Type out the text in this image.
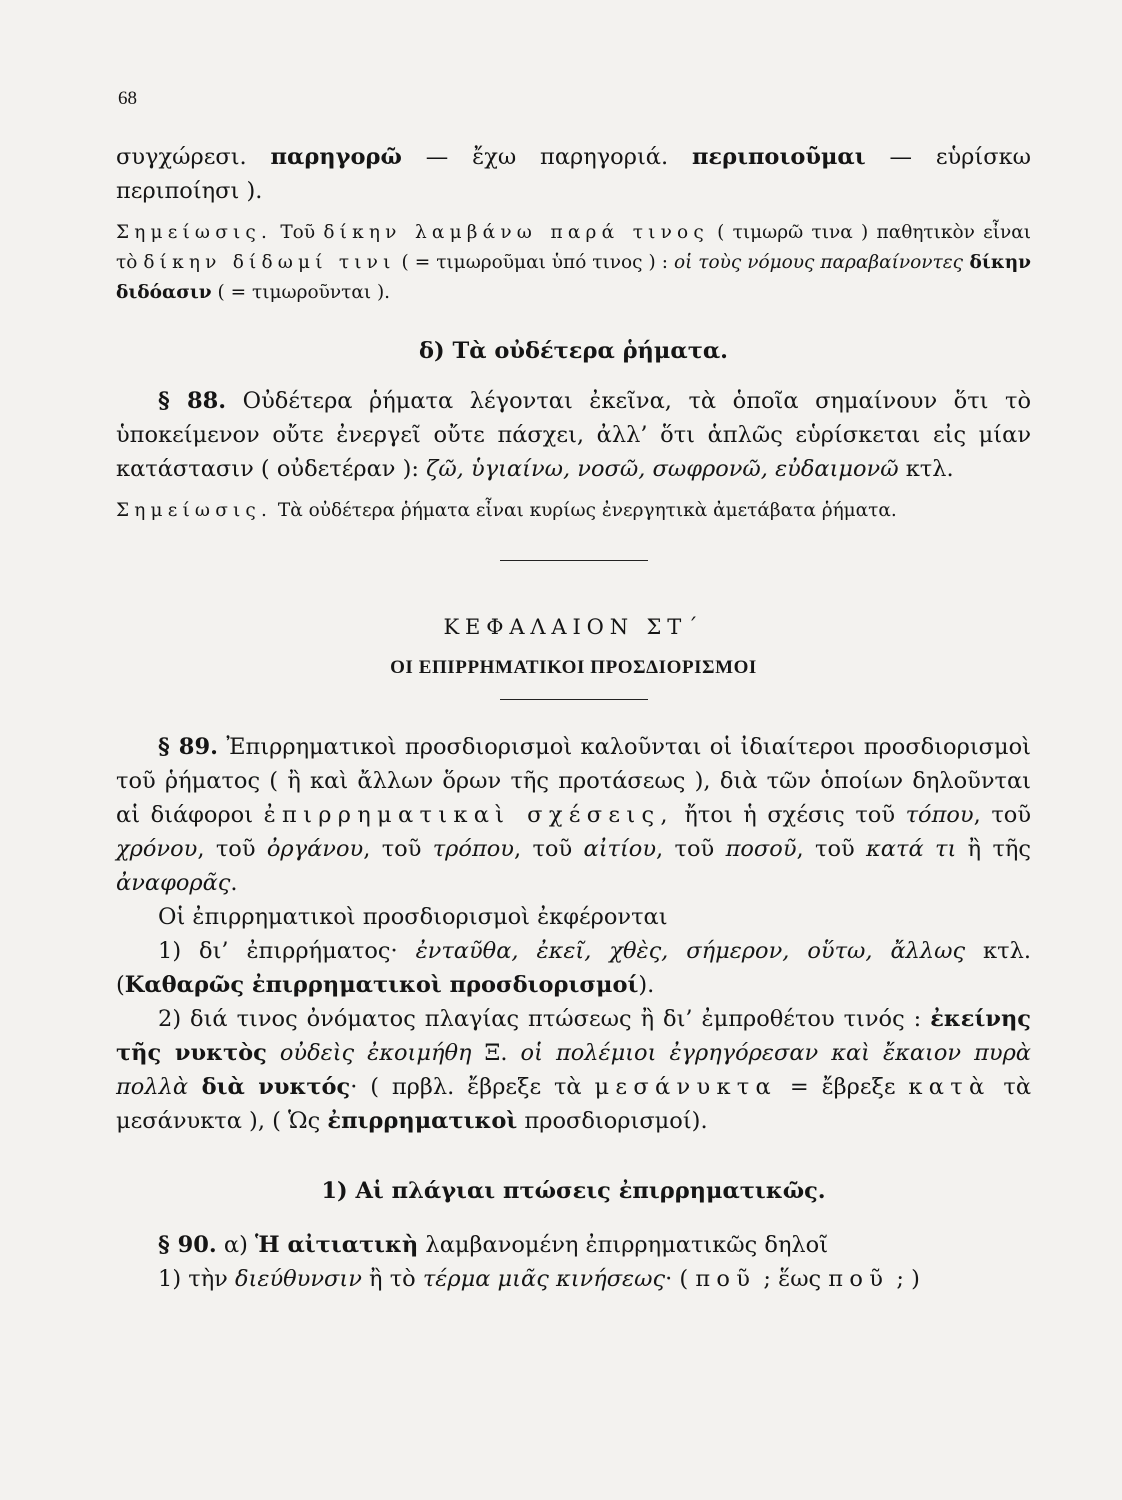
68

συγχώρεσι. παρηγορῶ — ἔχω παρηγοριά. περιποιοῦμαι — εὑρίσκω περιποίησι ).

Σημείωσις. Τοῦ δίκην λαμβάνω παρά τινος ( τιμωρῶ τινα ) παθητικὸν εἶναι τὸ δίκην δίδωμί τινι ( = τιμωροῦμαι ὑπό τινος ) : οἱ τοὺς νόμους παραβαίνοντες δίκην διδόασιν ( = τιμωροῦνται ).

δ) Τὰ οὐδέτερα ῥήματα.

§ 88. Οὐδέτερα ῥήματα λέγονται ἐκεῖνα, τὰ ὁποῖα σημαίνουν ὅτι τὸ ὑποκείμενον οὔτε ἐνεργεῖ οὔτε πάσχει, ἀλλ’ ὅτι ἁπλῶς εὑρίσκεται εἰς μίαν κατάστασιν ( οὐδετέραν ): ζῶ, ὑγιαίνω, νοσῶ, σωφρονῶ, εὐδαιμονῶ κτλ.

Σημείωσις. Τὰ οὐδέτερα ῥήματα εἶναι κυρίως ἐνεργητικὰ ἀμετάβατα ῥήματα.

ΚΕΦΑΛΑΙΟΝ ΣΤ΄

ΟΙ ΕΠΙΡΡΗΜΑΤΙΚΟΙ ΠΡΟΣΔΙΟΡΙΣΜΟΙ

§ 89. Ἐπιρρηματικοὶ προσδιορισμοὶ καλοῦνται οἱ ἰδιαίτεροι προσδιορισμοὶ τοῦ ῥήματος ( ἢ καὶ ἄλλων ὅρων τῆς προτάσεως ), διὰ τῶν ὁποίων δηλοῦνται αἱ διάφοροι ἐπιρρηματικαὶ σχέσεις, ἤτοι ἡ σχέσις τοῦ τόπου, τοῦ χρόνου, τοῦ ὀργάνου, τοῦ τρόπου, τοῦ αἰτίου, τοῦ ποσοῦ, τοῦ κατά τι ἢ τῆς ἀναφορᾶς.

Οἱ ἐπιρρηματικοὶ προσδιορισμοὶ ἐκφέρονται

1) δι’ ἐπιρρήματος· ἐνταῦθα, ἐκεῖ, χθὲς, σήμερον, οὕτω, ἄλλως κτλ. (Καθαρῶς ἐπιρρηματικοὶ προσδιορισμοί).

2) διά τινος ὀνόματος πλαγίας πτώσεως ἢ δι’ ἐμπροθέτου τινός : ἐκείνης τῆς νυκτὸς οὐδεὶς ἐκοιμήθη Ξ. οἱ πολέμιοι ἐγρηγόρεσαν καὶ ἔκαιον πυρὰ πολλὰ διὰ νυκτός· ( πρβλ. ἔβρεξε τὰ μεσάνυκτα = ἔβρεξε κατὰ τὰ μεσάνυκτα ), ( Ὡς ἐπιρρηματικοὶ προσδιορισμοί).

1) Αἱ πλάγιαι πτώσεις ἐπιρρηματικῶς.

§ 90. α) Ἡ αἰτιατικὴ λαμβανομένη ἐπιρρηματικῶς δηλοῖ

1) τὴν διεύθυνσιν ἢ τὸ τέρμα μιᾶς κινήσεως· ( ποῦ ; ἕως ποῦ ; )
